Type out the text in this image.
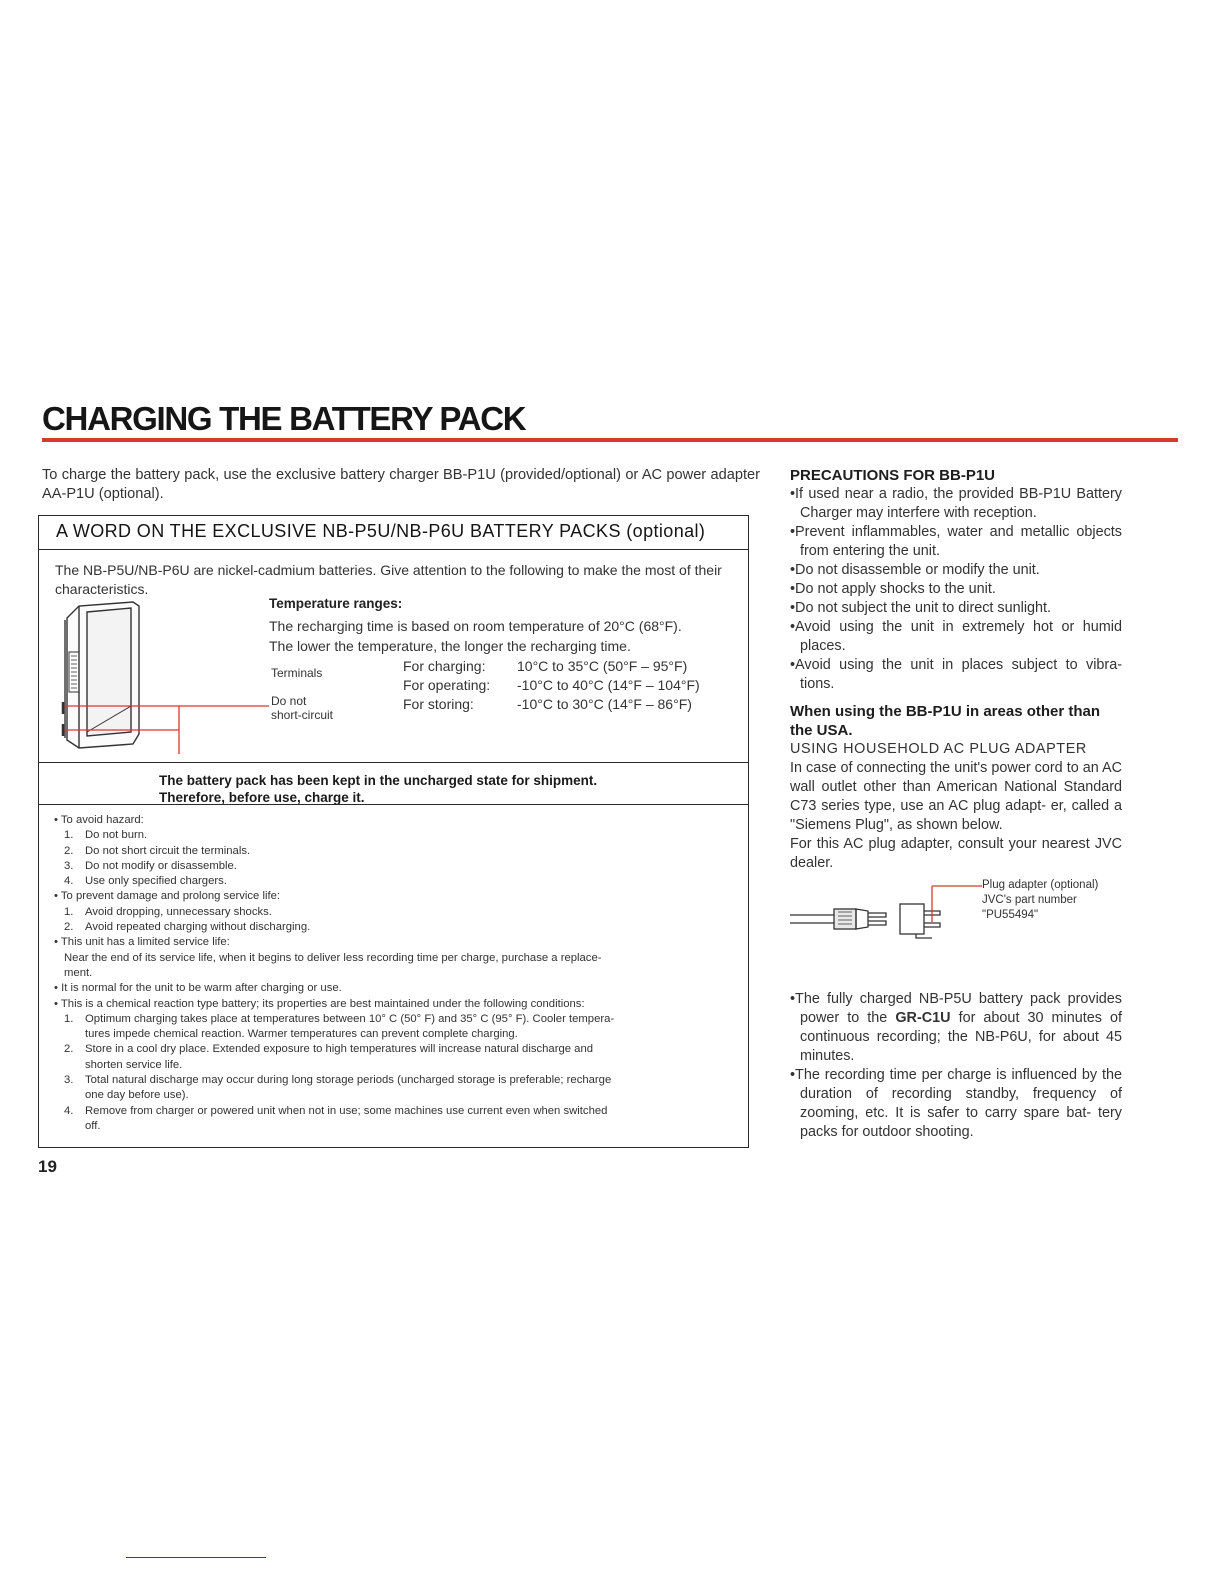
CHARGING THE BATTERY PACK
To charge the battery pack, use the exclusive battery charger BB-P1U (provided/optional) or AC power adapter AA-P1U (optional).
A WORD ON THE EXCLUSIVE NB-P5U/NB-P6U BATTERY PACKS (optional)
The NB-P5U/NB-P6U are nickel-cadmium batteries. Give attention to the following to make the most of their characteristics.
Terminals
Do not
short-circuit
Temperature ranges:
The recharging time is based on room temperature of 20°C (68°F).
The lower the temperature, the longer the recharging time.
For charging: 10°C to 35°C (50°F – 95°F)
For operating: -10°C to 40°C (14°F – 104°F)
For storing:	-10°C to 30°C (14°F – 86°F)
The battery pack has been kept in the uncharged state for shipment.
Therefore, before use, charge it.
• To avoid hazard:
1. Do not burn.
2. Do not short circuit the terminals.
3. Do not modify or disassemble.
4. Use only specified chargers.
• To prevent damage and prolong service life:
1. Avoid dropping, unnecessary shocks.
2. Avoid repeated charging without discharging.
• This unit has a limited service life:
Near the end of its service life, when it begins to deliver less recording time per charge, purchase a replace-
ment.
• It is normal for the unit to be warm after charging or use.
• This is a chemical reaction type battery; its properties are best maintained under the following conditions:
1. Optimum charging takes place at temperatures between 10° C (50° F) and 35° C (95° F). Cooler tempera-
tures impede chemical reaction. Warmer temperatures can prevent complete charging.
2. Store in a cool dry place. Extended exposure to high temperatures will increase natural discharge and
shorten service life.
3. Total natural discharge may occur during long storage periods (uncharged storage is preferable; recharge
one day before use).
4. Remove from charger or powered unit when not in use; some machines use current even when switched
off.
19
PRECAUTIONS FOR BB-P1U
• If used near a radio, the provided BB-P1U Battery Charger may interfere with reception.
• Prevent inflammables, water and metallic objects from entering the unit.
• Do not disassemble or modify the unit.
• Do not apply shocks to the unit.
• Do not subject the unit to direct sunlight.
• Avoid using the unit in extremely hot or humid places.
• Avoid using the unit in places subject to vibra- tions.
When using the BB-P1U in areas other than the USA.
USING HOUSEHOLD AC PLUG ADAPTER
In case of connecting the unit's power cord to an AC wall outlet other than American National Standard C73 series type, use an AC plug adapt- er, called a "Siemens Plug", as shown below.
For this AC plug adapter, consult your nearest JVC dealer.
Plug adapter (optional)
JVC's part number
"PU55494"
• The fully charged NB-P5U battery pack provides power to the GR-C1U for about 30 minutes of continuous recording; the NB-P6U, for about 45 minutes.
• The recording time per charge is influenced by the duration of recording standby, frequency of zooming, etc. It is safer to carry spare bat- tery packs for outdoor shooting.
